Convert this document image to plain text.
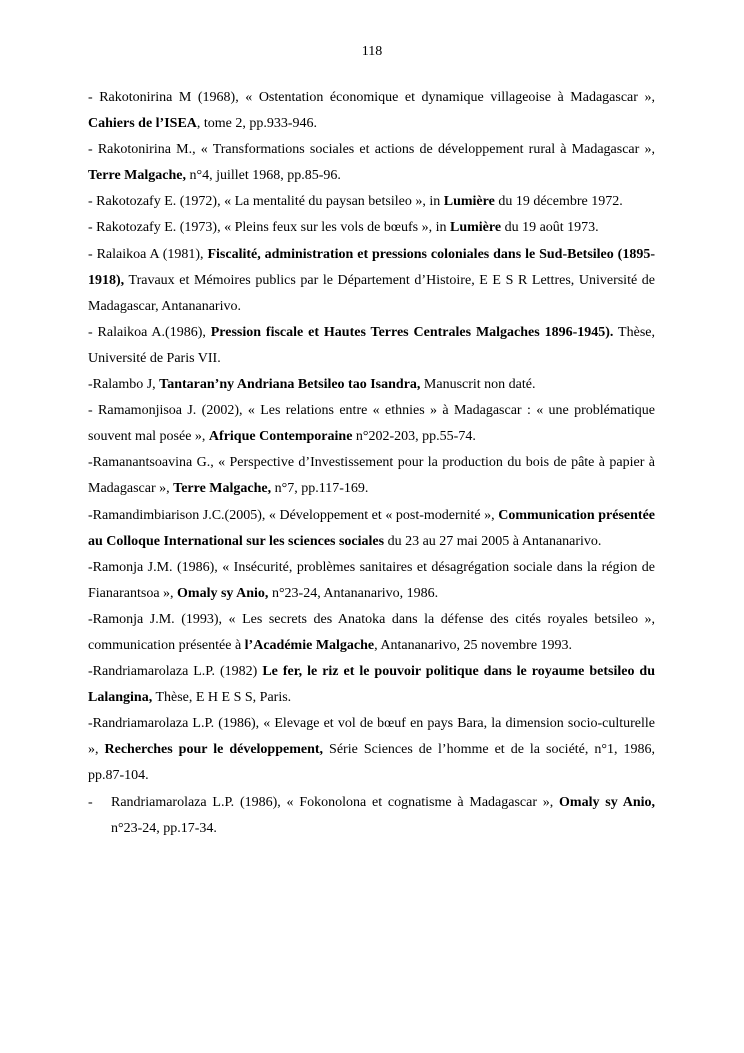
118

- Rakotonirina M (1968), « Ostentation économique et dynamique villageoise à Madagascar », Cahiers de l’ISEA, tome 2, pp.933-946.

- Rakotonirina M., « Transformations sociales et actions de développement rural à Madagascar », Terre Malgache, n°4, juillet 1968, pp.85-96.

- Rakotozafy E. (1972), « La mentalité du paysan betsileo », in Lumière du 19 décembre 1972.

- Rakotozafy E. (1973), « Pleins feux sur les vols de bœufs », in Lumière du 19 août 1973.

- Ralaikoa A (1981), Fiscalité, administration et pressions coloniales dans le Sud-Betsileo (1895-1918), Travaux et Mémoires publics par le Département d’Histoire, E E S R Lettres, Université de Madagascar, Antananarivo.

- Ralaikoa A.(1986), Pression fiscale et Hautes Terres Centrales Malgaches 1896-1945). Thèse, Université de Paris VII.

-Ralambo J, Tantaran’ny Andriana Betsileo tao Isandra, Manuscrit non daté.

- Ramamonjisoa J. (2002), « Les relations entre « ethnies » à Madagascar : « une problématique souvent mal posée », Afrique Contemporaine n°202-203, pp.55-74.

-Ramanantsoavina G., « Perspective d’Investissement pour la production du bois de pâte à papier à Madagascar », Terre Malgache, n°7, pp.117-169.

-Ramandimbiarison J.C.(2005), « Développement et « post-modernité », Communication présentée au Colloque International sur les sciences sociales du 23 au 27 mai 2005 à Antananarivo.

-Ramonja J.M. (1986), « Insécurité, problèmes sanitaires et désagrégation sociale dans la région de Fianarantsoa », Omaly sy Anio, n°23-24, Antananarivo, 1986.

-Ramonja J.M. (1993), « Les secrets des Anatoka dans la défense des cités royales betsileo », communication présentée à l’Académie Malgache, Antananarivo, 25 novembre 1993.

-Randriamarolaza L.P. (1982) Le fer, le riz et le pouvoir politique dans le royaume betsileo du Lalangina, Thèse, E H E S S, Paris.

-Randriamarolaza L.P. (1986), « Elevage et vol de bœuf en pays Bara, la dimension socio-culturelle », Recherches pour le développement, Série Sciences de l’homme et de la société, n°1, 1986, pp.87-104.

-	Randriamarolaza L.P. (1986), « Fokonolona et cognatisme à Madagascar », Omaly sy Anio, n°23-24, pp.17-34.
